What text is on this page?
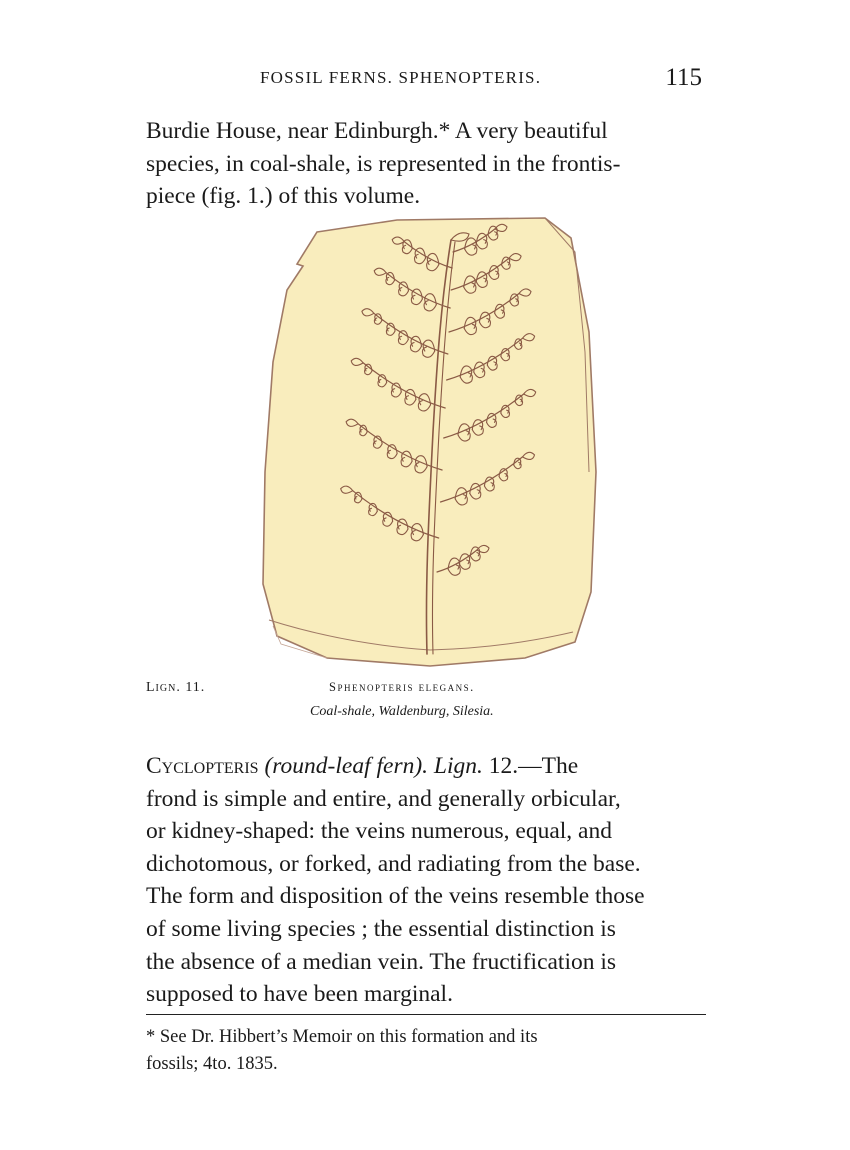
FOSSIL FERNS. SPHENOPTERIS.	115
Burdie House, near Edinburgh.* A very beautiful
species, in coal-shale, is represented in the frontis-
piece (fig. 1.) of this volume.
Lign. 11.	Sphenopteris elegans.
Coal-shale, Waldenburg, Silesia.
Cyclopteris (round-leaf fern). Lign. 12.—The
frond is simple and entire, and generally orbicular,
or kidney-shaped: the veins numerous, equal, and
dichotomous, or forked, and radiating from the base.
The form and disposition of the veins resemble those
of some living species ; the essential distinction is
the absence of a median vein. The fructification is
supposed to have been marginal.
* See Dr. Hibbert’s Memoir on this formation and its
fossils; 4to. 1835.
